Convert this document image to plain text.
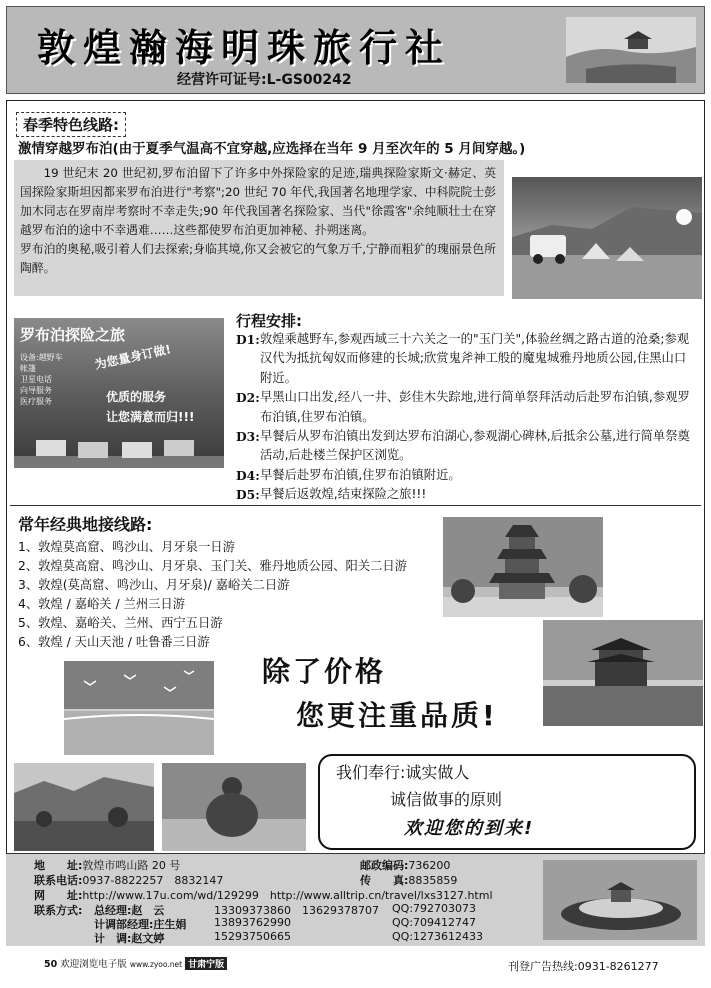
敦煌瀚海明珠旅行社
经营许可证号:L-GS00242
春季特色线路:
激情穿越罗布泊(由于夏季气温高不宜穿越,应选择在当年 9 月至次年的 5 月间穿越。)

19 世纪末 20 世纪初,罗布泊留下了许多中外探险家的足迹,瑞典探险家斯文·赫定、英国探险家斯坦因都来罗布泊进行"考察";20 世纪 70 年代,我国著名地理学家、中科院院士彭加木同志在罗南岸考察时不幸走失;90 年代我国著名探险家、当代"徐霞客"余纯顺壮士在穿越罗布泊的途中不幸遇难……这些都使罗布泊更加神秘、扑朔迷离。

罗布泊的奥秘,吸引着人们去探索;身临其境,你又会被它的气象万千,宁静而粗犷的瑰丽景色所陶醉。

罗布泊探险之旅
设备:越野车
帐篷
卫星电话
向导服务
医疗服务
为您量身订做!
优质的服务
让您满意而归!!!
行程安排:
D1: 敦煌乘越野车,参观西域三十六关之一的"玉门关",体验丝绸之路古道的沧桑;参观汉代为抵抗匈奴而修建的长城;欣赏鬼斧神工般的魔鬼城雅丹地质公园,住黑山口附近。
D2: 早黑山口出发,经八一井、彭佳木失踪地,进行简单祭拜活动后赴罗布泊镇,参观罗布泊镇,住罗布泊镇。
D3: 早餐后从罗布泊镇出发到达罗布泊湖心,参观湖心碑林,后抵余公墓,进行简单祭奠活动,后赴楼兰保护区浏览。
D4: 早餐后赴罗布泊镇,住罗布泊镇附近。
D5: 早餐后返敦煌,结束探险之旅!!!
常年经典地接线路:
1、敦煌莫高窟、鸣沙山、月牙泉一日游
2、敦煌莫高窟、鸣沙山、月牙泉、玉门关、雅丹地质公园、阳关二日游
3、敦煌(莫高窟、鸣沙山、月牙泉)/ 嘉峪关二日游
4、敦煌 / 嘉峪关 / 兰州三日游
5、敦煌、嘉峪关、兰州、西宁五日游
6、敦煌 / 天山天池 / 吐鲁番三日游
除了价格
您更注重品质!
我们奉行:诚实做人
诚信做事的原则
欢迎您的到来!
地　　址:敦煌市鸣山路 20 号	邮政编码:736200
联系电话:0937-8822257　8832147	传　　真:8835859
网　　址:http://www.17u.com/wd/129299　http://www.alltrip.cn/travel/lxs3127.html
联系方式: 总经理:赵　云	13309373860　13629378707 QQ:792703073
计调部经理:庄生娟	13893762990	QQ:709412747
计　调:赵文婷	15293750665	QQ:1273612433
50 欢迎浏览电子版 www.zyoo.net 甘肃宁版	刊登广告热线:0931-8261277
